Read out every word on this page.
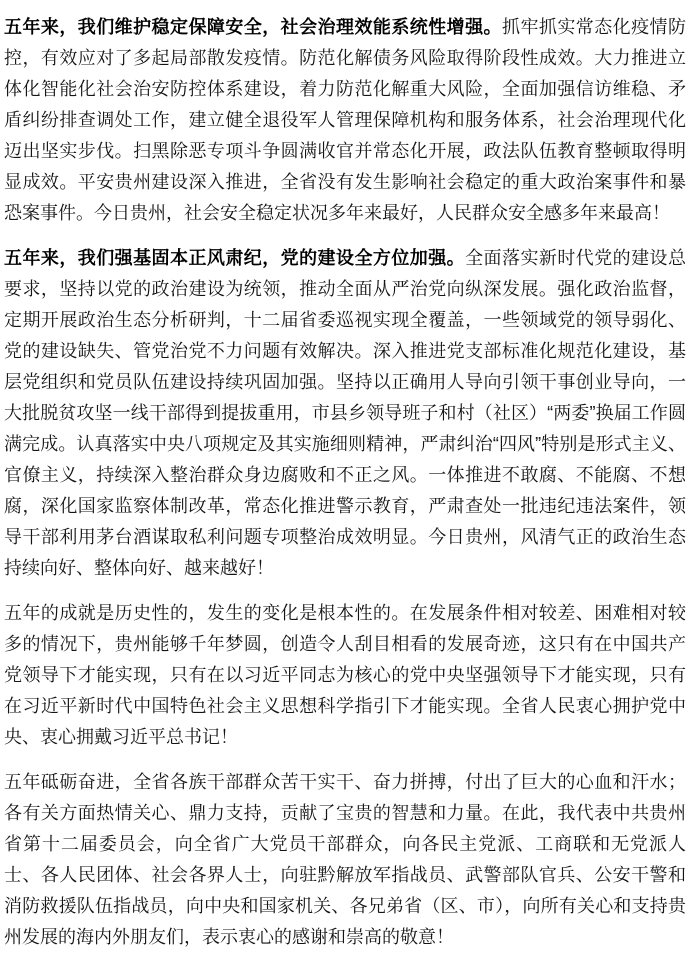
五年来，我们维护稳定保障安全，社会治理效能系统性增强。抓牢抓实常态化疫情防控，有效应对了多起局部散发疫情。防范化解债务风险取得阶段性成效。大力推进立体化智能化社会治安防控体系建设，着力防范化解重大风险，全面加强信访维稳、矛盾纠纷排查调处工作，建立健全退役军人管理保障机构和服务体系，社会治理现代化迈出坚实步伐。扫黑除恶专项斗争圆满收官并常态化开展，政法队伍教育整顿取得明显成效。平安贵州建设深入推进，全省没有发生影响社会稳定的重大政治案事件和暴恐案事件。今日贵州，社会安全稳定状况多年来最好，人民群众安全感多年来最高！

五年来，我们强基固本正风肃纪，党的建设全方位加强。全面落实新时代党的建设总要求，坚持以党的政治建设为统领，推动全面从严治党向纵深发展。强化政治监督，定期开展政治生态分析研判，十二届省委巡视实现全覆盖，一些领域党的领导弱化、党的建设缺失、管党治党不力问题有效解决。深入推进党支部标准化规范化建设，基层党组织和党员队伍建设持续巩固加强。坚持以正确用人导向引领干事创业导向，一大批脱贫攻坚一线干部得到提拔重用，市县乡领导班子和村（社区）“两委”换届工作圆满完成。认真落实中央八项规定及其实施细则精神，严肃纠治“四风”特别是形式主义、官僚主义，持续深入整治群众身边腐败和不正之风。一体推进不敢腐、不能腐、不想腐，深化国家监察体制改革，常态化推进警示教育，严肃查处一批违纪违法案件，领导干部利用茅台酒谋取私利问题专项整治成效明显。今日贵州，风清气正的政治生态持续向好、整体向好、越来越好！

五年的成就是历史性的，发生的变化是根本性的。在发展条件相对较差、困难相对较多的情况下，贵州能够千年梦圆，创造令人刮目相看的发展奇迹，这只有在中国共产党领导下才能实现，只有在以习近平同志为核心的党中央坚强领导下才能实现，只有在习近平新时代中国特色社会主义思想科学指引下才能实现。全省人民衷心拥护党中央、衷心拥戴习近平总书记！

五年砥砺奋进，全省各族干部群众苦干实干、奋力拼搏，付出了巨大的心血和汗水；各有关方面热情关心、鼎力支持，贡献了宝贵的智慧和力量。在此，我代表中共贵州省第十二届委员会，向全省广大党员干部群众，向各民主党派、工商联和无党派人士、各人民团体、社会各界人士，向驻黔解放军指战员、武警部队官兵、公安干警和消防救援队伍指战员，向中央和国家机关、各兄弟省（区、市），向所有关心和支持贵州发展的海内外朋友们，表示衷心的感谢和崇高的敬意！
